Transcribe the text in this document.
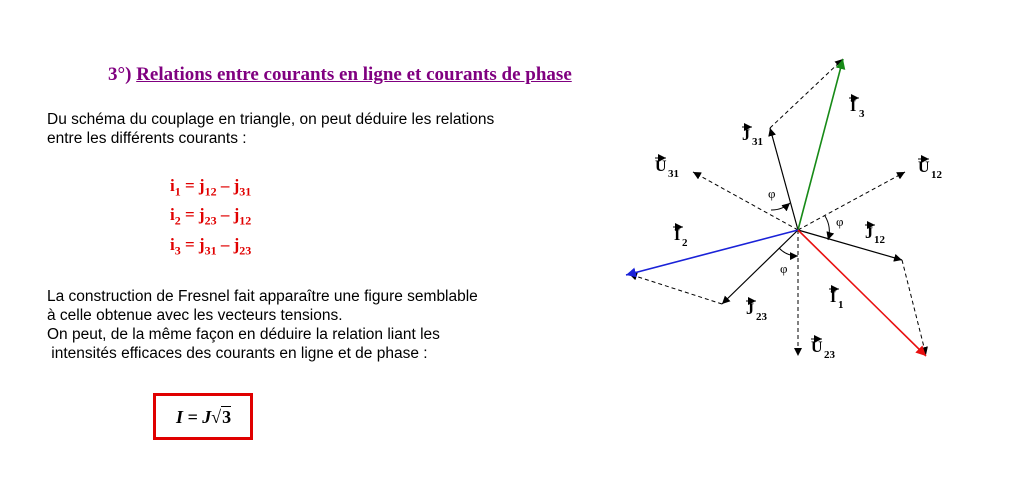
3°) Relations entre courants en ligne et courants de phase
Du schéma du couplage en triangle, on peut déduire les relations
entre les différents courants :
$i_1 = j_{12} - j_{31}$
$i_2 = j_{23} - j_{12}$
$i_3 = j_{31} - j_{23}$
La construction de Fresnel fait apparaître une figure semblable
à celle obtenue avec les vecteurs tensions.
On peut, de la même façon en déduire la relation liant les
intensités efficaces des courants en ligne et de phase :
I = J√3
φ
φ
φ
I 3
J 31
U 31	U 12
J 12
I 2
I 1
J 23
U 23
